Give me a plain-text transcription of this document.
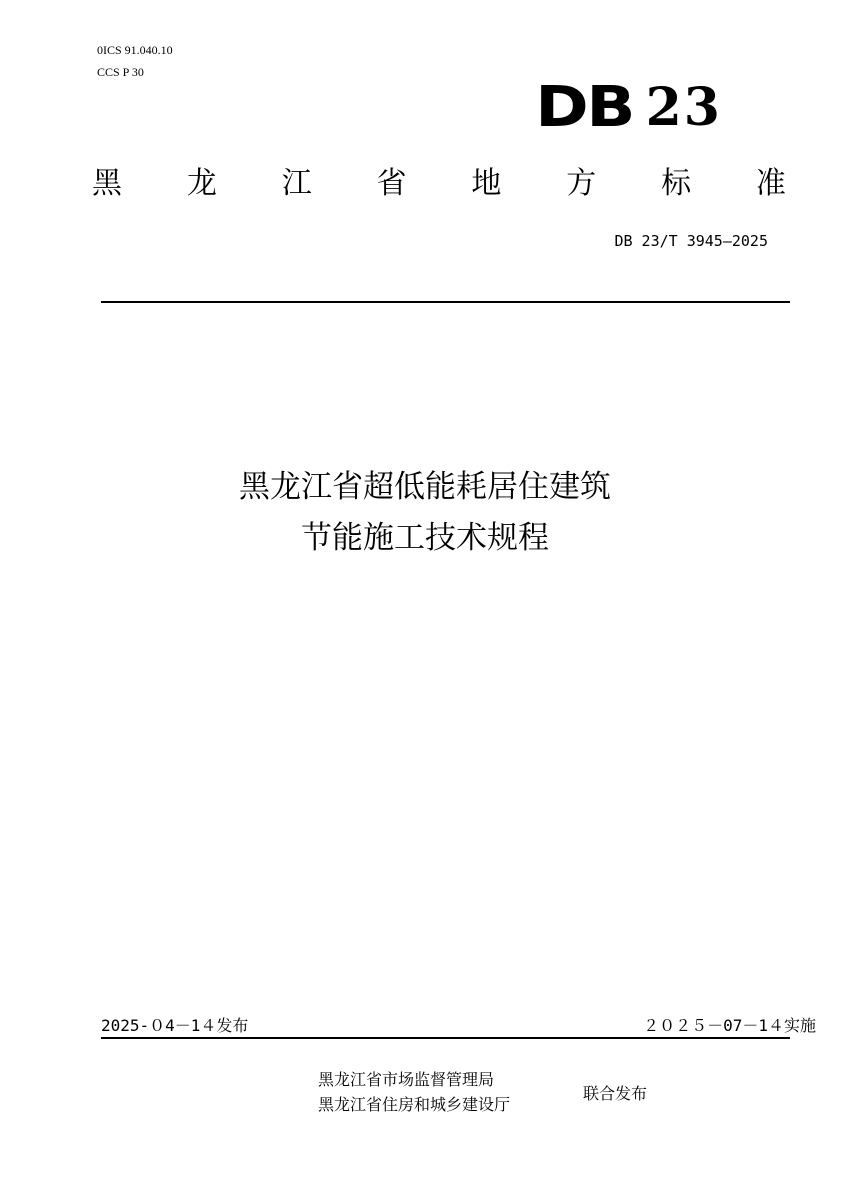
0ICS 91.040.10
CCS P 30
DB 23
黑 龙 江 省 地 方 标 准
DB 23/T 3945—2025
黑龙江省超低能耗居住建筑
节能施工技术规程
2025-０4－1４发布	２０２５－07－1４实施
黑龙江省市场监督管理局
黑龙江省住房和城乡建设厅
联合发布
